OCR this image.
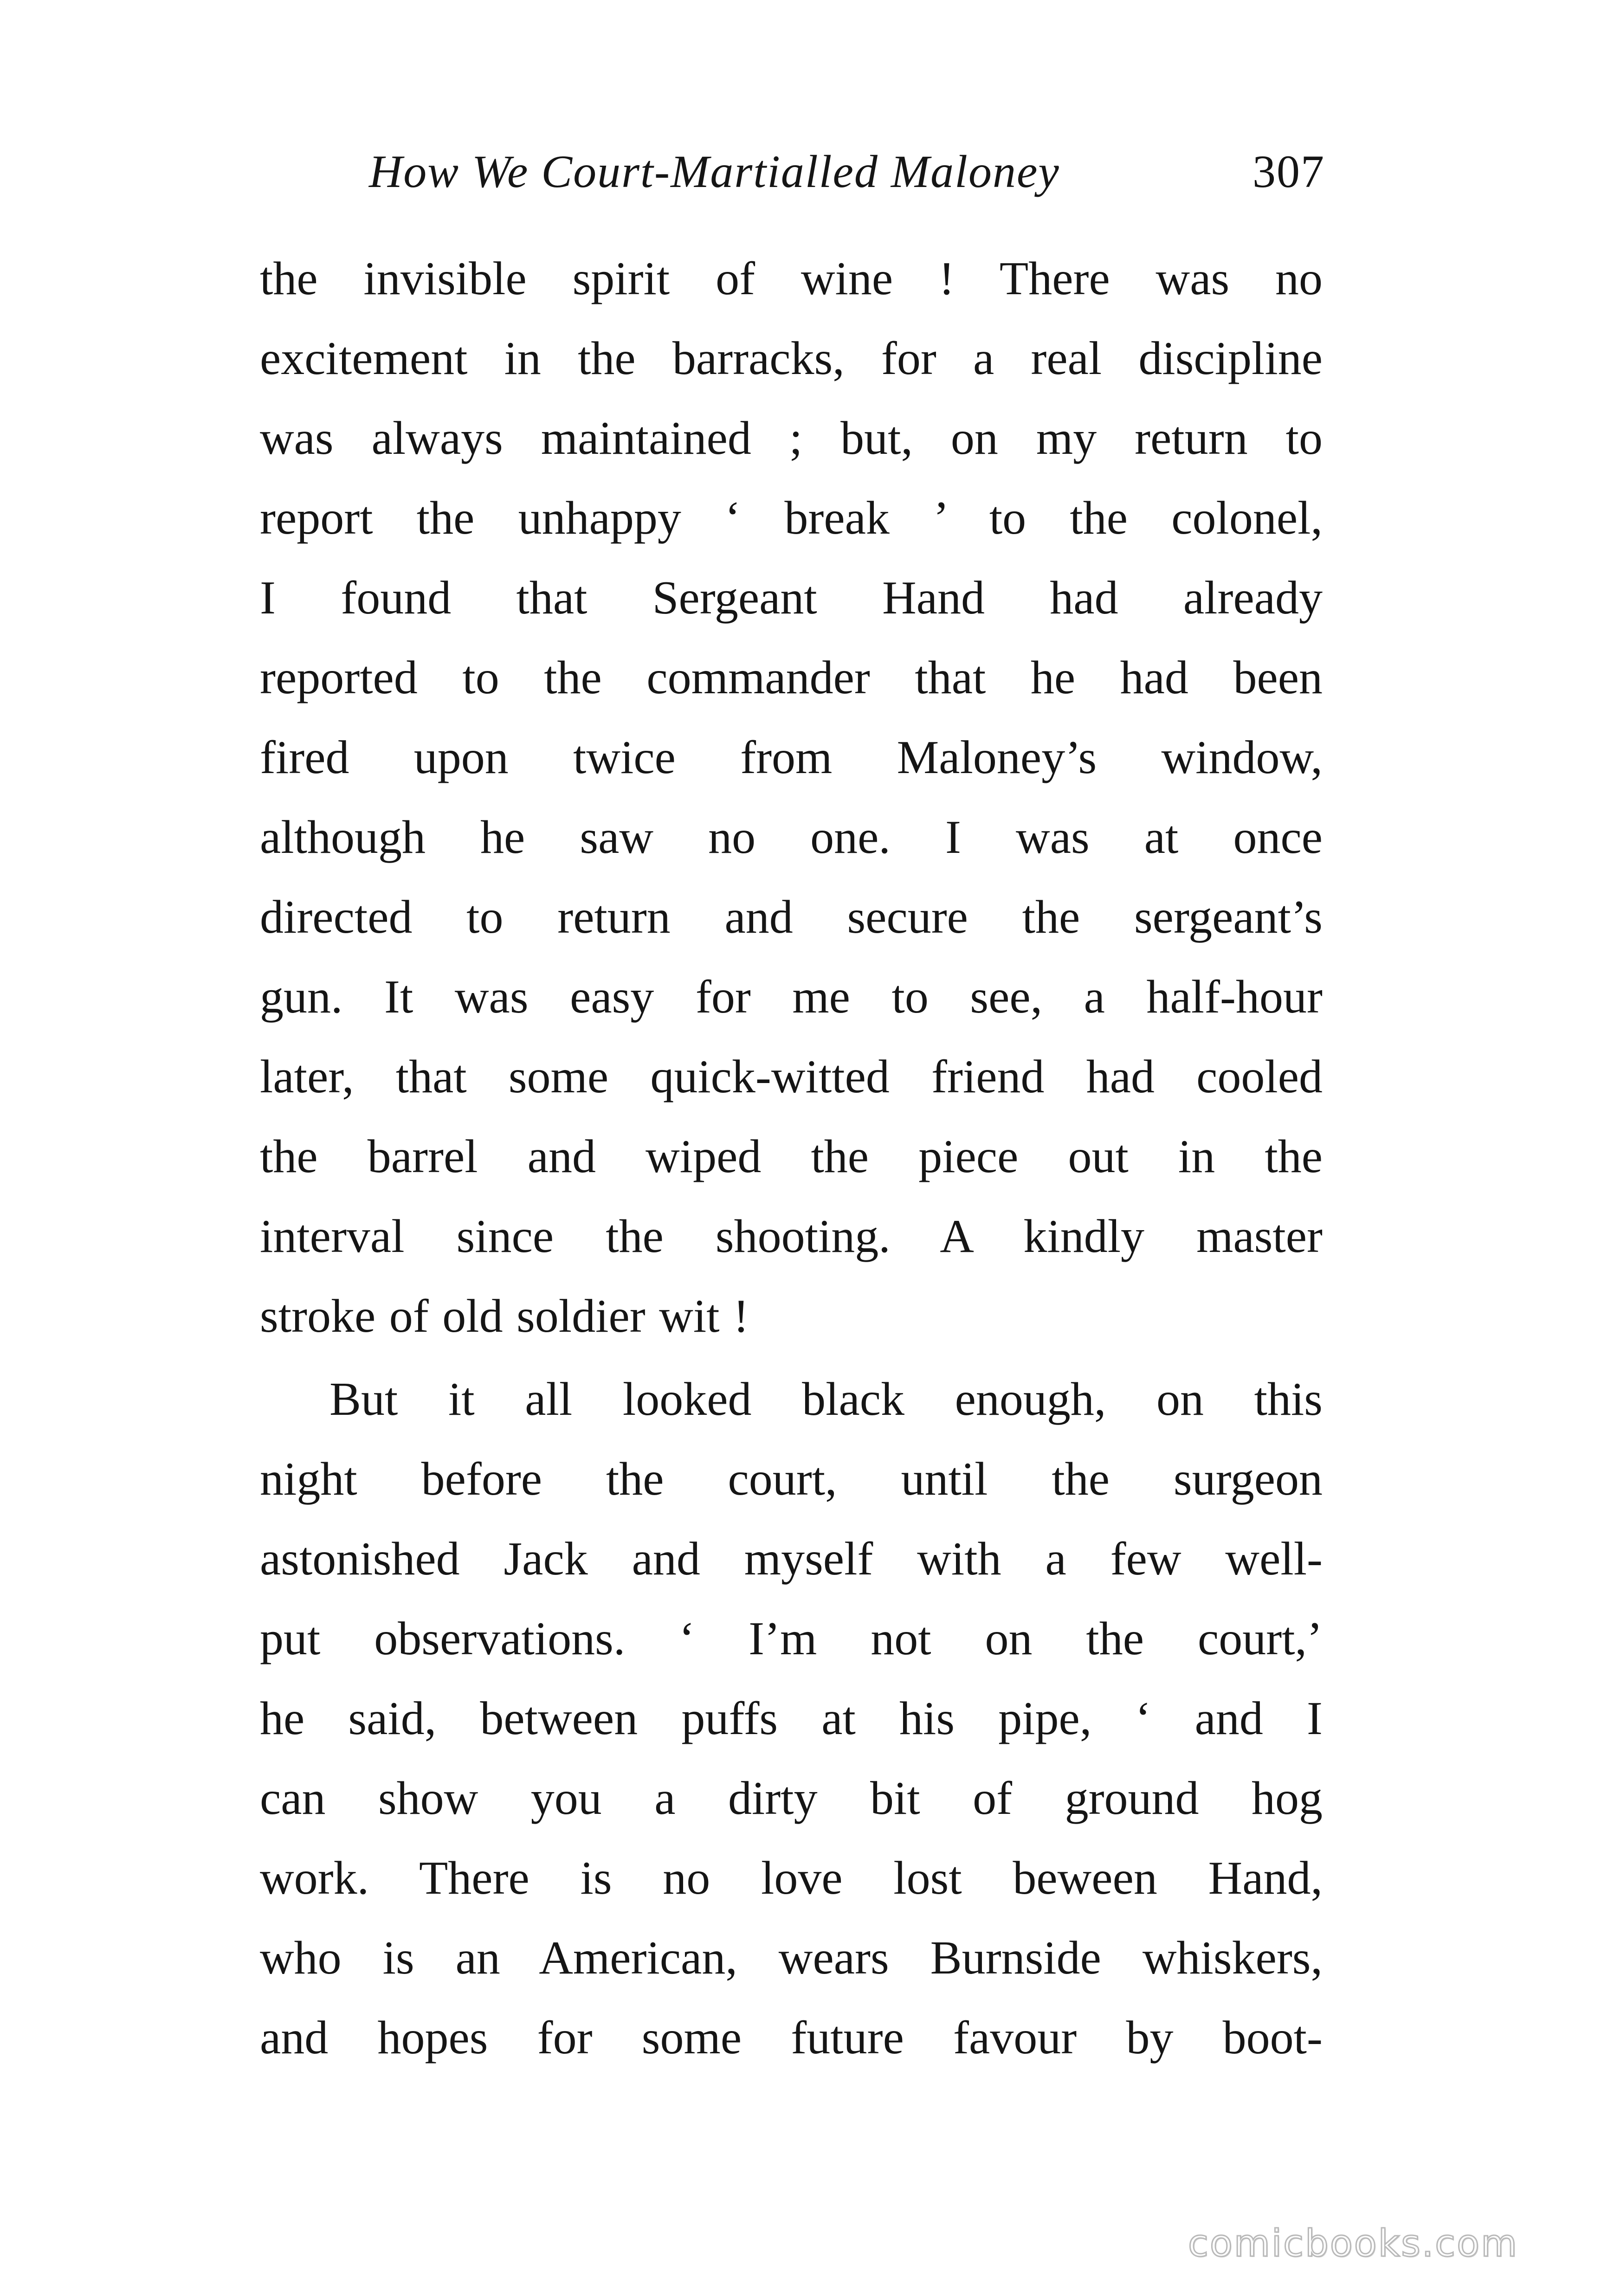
How We Court-Martialled Maloney	307
the invisible spirit of wine ! There was no
excitement in the barracks, for a real discipline
was always maintained ; but, on my return to
report the unhappy ‘ break ’ to the colonel,
I found that Sergeant Hand had already
reported to the commander that he had been
fired upon twice from Maloney’s window,
although he saw no one. I was at once
directed to return and secure the sergeant’s
gun. It was easy for me to see, a half-hour
later, that some quick-witted friend had cooled
the barrel and wiped the piece out in the
interval since the shooting. A kindly master
stroke of old soldier wit !
But it all looked black enough, on this
night before the court, until the surgeon
astonished Jack and myself with a few well-
put observations. ‘ I’m not on the court,’
he said, between puffs at his pipe, ‘ and I
can show you a dirty bit of ground hog
work. There is no love lost beween Hand,
who is an American, wears Burnside whiskers,
and hopes for some future favour by boot-
comicbooks.com
